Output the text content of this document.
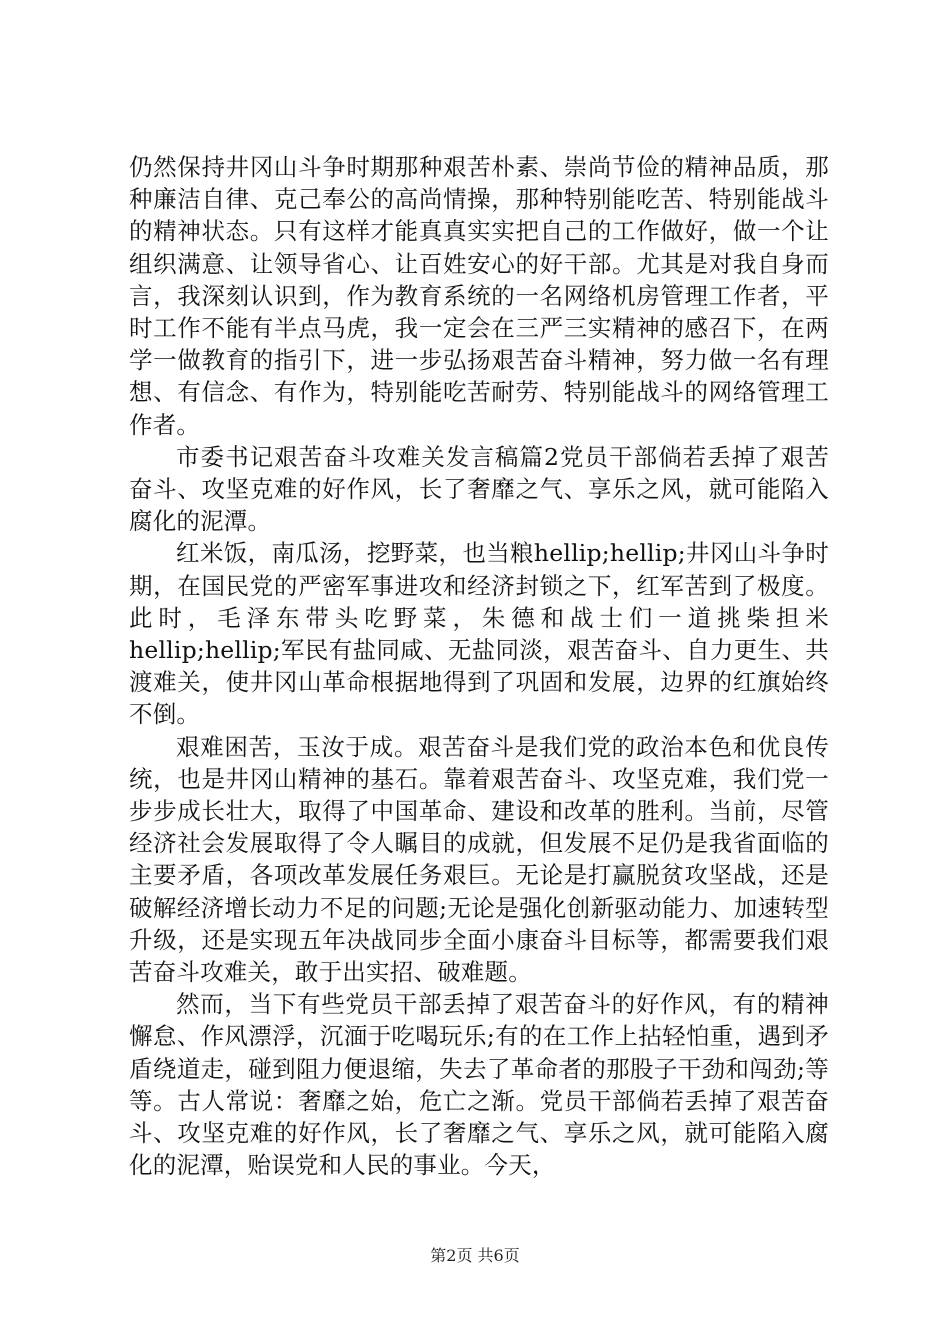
仍然保持井冈山斗争时期那种艰苦朴素、崇尚节俭的精神品质，那种廉洁自律、克己奉公的高尚情操，那种特别能吃苦、特别能战斗的精神状态。只有这样才能真真实实把自己的工作做好，做一个让组织满意、让领导省心、让百姓安心的好干部。尤其是对我自身而言，我深刻认识到，作为教育系统的一名网络机房管理工作者，平时工作不能有半点马虎，我一定会在三严三实精神的感召下，在两学一做教育的指引下，进一步弘扬艰苦奋斗精神，努力做一名有理想、有信念、有作为，特别能吃苦耐劳、特别能战斗的网络管理工作者。

市委书记艰苦奋斗攻难关发言稿篇2党员干部倘若丢掉了艰苦奋斗、攻坚克难的好作风，长了奢靡之气、享乐之风，就可能陷入腐化的泥潭。

红米饭，南瓜汤，挖野菜，也当粮hellip;hellip;井冈山斗争时期，在国民党的严密军事进攻和经济封锁之下，红军苦到了极度。此时，毛泽东带头吃野菜，朱德和战士们一道挑柴担米hellip;hellip;军民有盐同咸、无盐同淡，艰苦奋斗、自力更生、共渡难关，使井冈山革命根据地得到了巩固和发展，边界的红旗始终不倒。

艰难困苦，玉汝于成。艰苦奋斗是我们党的政治本色和优良传统，也是井冈山精神的基石。靠着艰苦奋斗、攻坚克难，我们党一步步成长壮大，取得了中国革命、建设和改革的胜利。当前，尽管经济社会发展取得了令人瞩目的成就，但发展不足仍是我省面临的主要矛盾，各项改革发展任务艰巨。无论是打赢脱贫攻坚战，还是破解经济增长动力不足的问题;无论是强化创新驱动能力、加速转型升级，还是实现五年决战同步全面小康奋斗目标等，都需要我们艰苦奋斗攻难关，敢于出实招、破难题。

然而，当下有些党员干部丢掉了艰苦奋斗的好作风，有的精神懈怠、作风漂浮，沉湎于吃喝玩乐;有的在工作上拈轻怕重，遇到矛盾绕道走，碰到阻力便退缩，失去了革命者的那股子干劲和闯劲;等等。古人常说：奢靡之始，危亡之渐。党员干部倘若丢掉了艰苦奋斗、攻坚克难的好作风，长了奢靡之气、享乐之风，就可能陷入腐化的泥潭，贻误党和人民的事业。今天，

第2页 共6页
